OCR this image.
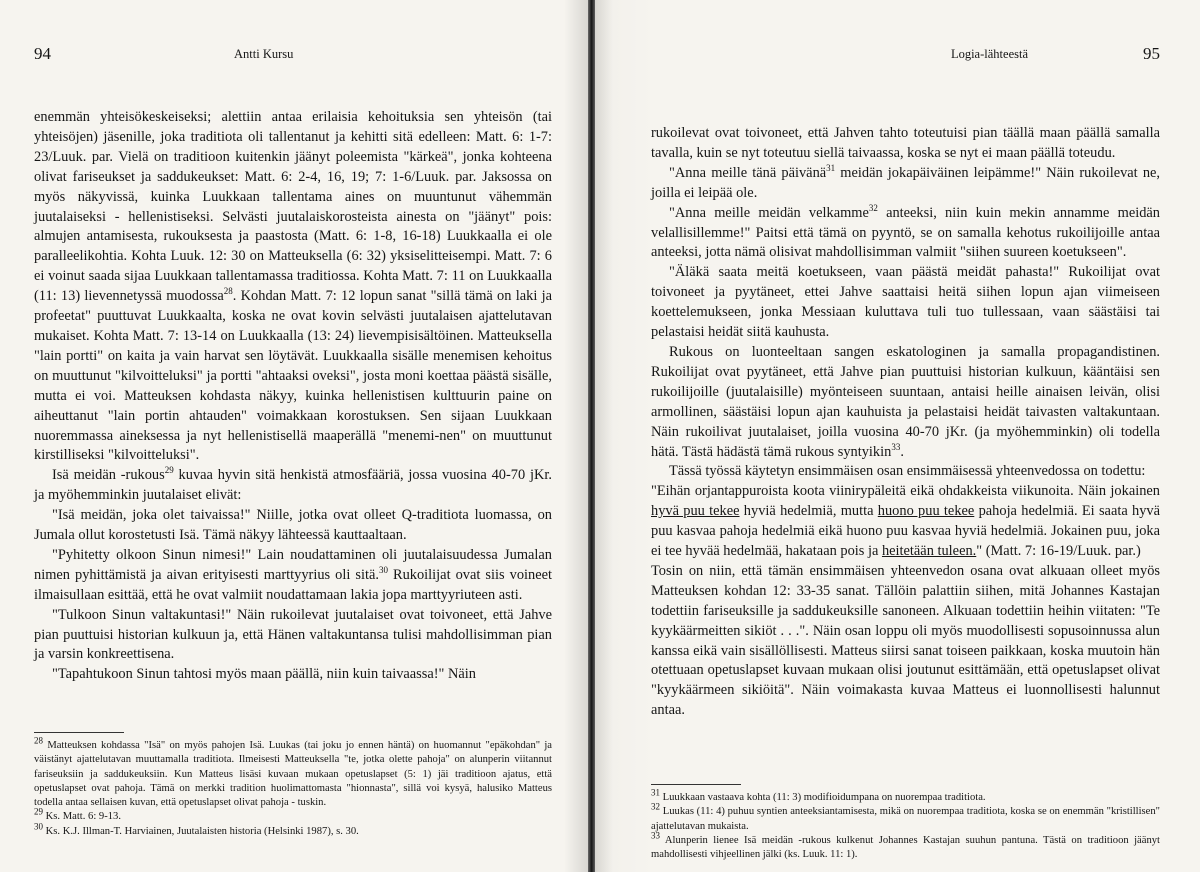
94	Antti Kursu

enemmän yhteisökeskeiseksi; alettiin antaa erilaisia kehoituksia sen yhteisön (tai yhteisöjen) jäsenille, joka traditiota oli tallentanut ja kehitti sitä edelleen: Matt. 6: 1-7: 23/Luuk. par. Vielä on traditioon kuitenkin jäänyt poleemista "kärkeä", jonka kohteena olivat fariseukset ja saddukeukset: Matt. 6: 2-4, 16, 19; 7: 1-6/Luuk. par. Jaksossa on myös näkyvissä, kuinka Luukkaan tallentama aines on muuntunut vähemmän juutalaiseksi - hellenistiseksi. Selvästi juutalaiskorosteista ainesta on "jäänyt" pois: almujen antamisesta, rukouksesta ja paastosta (Matt. 6: 1-8, 16-18) Luukkaalla ei ole paralleelikohtia. Kohta Luuk. 12: 30 on Matteuksella (6: 32) yksiselitteisempi. Matt. 7: 6 ei voinut saada sijaa Luukkaan tallentamassa traditiossa. Kohta Matt. 7: 11 on Luukkaalla (11: 13) lievennetyssä muodossa$^{28}$. Kohdan Matt. 7: 12 lopun sanat "sillä tämä on laki ja profeetat" puuttuvat Luukkaalta, koska ne ovat kovin selvästi juutalaisen ajattelutavan mukaiset. Kohta Matt. 7: 13-14 on Luukkaalla (13: 24) lievempisisältöinen. Matteuksella "lain portti" on kaita ja vain harvat sen löytävät. Luukkaalla sisälle menemisen kehoitus on muuttunut "kilvoitteluksi" ja portti "ahtaaksi oveksi", josta moni koettaa päästä sisälle, mutta ei voi. Matteuksen kohdasta näkyy, kuinka hellenistisen kulttuurin paine on aiheuttanut "lain portin ahtauden" voimakkaan korostuksen. Sen sijaan Luukkaan nuoremmassa aineksessa ja nyt hellenistisellä maaperällä "menemi-nen" on muuttunut kirstilliseksi "kilvoitteluksi".

Isä meidän -rukous$^{29}$ kuvaa hyvin sitä henkistä atmosfääriä, jossa vuosina 40-70 jKr. ja myöhemminkin juutalaiset elivät:

"Isä meidän, joka olet taivaissa!" Niille, jotka ovat olleet Q-traditiota luomassa, on Jumala ollut korostetusti Isä. Tämä näkyy lähteessä kauttaaltaan.

"Pyhitetty olkoon Sinun nimesi!" Lain noudattaminen oli juutalaisuudessa Jumalan nimen pyhittämistä ja aivan erityisesti marttyyrius oli sitä.$^{30}$ Rukoilijat ovat siis voineet ilmaisullaan esittää, että he ovat valmiit noudattamaan lakia jopa marttyyriuteen asti.

"Tulkoon Sinun valtakuntasi!" Näin rukoilevat juutalaiset ovat toivoneet, että Jahve pian puuttuisi historian kulkuun ja, että Hänen valtakuntansa tulisi mahdollisimman pian ja varsin konkreettisena.

"Tapahtukoon Sinun tahtosi myös maan päällä, niin kuin taivaassa!" Näin

$^{28}$ Matteuksen kohdassa "Isä" on myös pahojen Isä. Luukas (tai joku jo ennen häntä) on huomannut "epäkohdan" ja väistänyt ajattelutavan muuttamalla traditiota. Ilmeisesti Matteuksella "te, jotka olette pahoja" on alunperin viitannut fariseuksiin ja saddukeuksiin. Kun Matteus lisäsi kuvaan mukaan opetuslapset (5: 1) jäi traditioon ajatus, että opetuslapset ovat pahoja. Tämä on merkki tradition huolimattomasta "hionnasta", sillä voi kysyä, halusiko Matteus todella antaa sellaisen kuvan, että opetuslapset olivat pahoja - tuskin.

$^{29}$ Ks. Matt. 6: 9-13.

$^{30}$ Ks. K.J. Illman-T. Harviainen, Juutalaisten historia (Helsinki 1987), s. 30.

Logia-lähteestä	95

rukoilevat ovat toivoneet, että Jahven tahto toteutuisi pian täällä maan päällä samalla tavalla, kuin se nyt toteutuu siellä taivaassa, koska se nyt ei maan päällä toteudu.

"Anna meille tänä päivänä$^{31}$ meidän jokapäiväinen leipämme!" Näin rukoilevat ne, joilla ei leipää ole.

"Anna meille meidän velkamme$^{32}$ anteeksi, niin kuin mekin annamme meidän velallisillemme!" Paitsi että tämä on pyyntö, se on samalla kehotus rukoilijoille antaa anteeksi, jotta nämä olisivat mahdollisimman valmiit "siihen suureen koetukseen".

"Äläkä saata meitä koetukseen, vaan päästä meidät pahasta!" Rukoilijat ovat toivoneet ja pyytäneet, ettei Jahve saattaisi heitä siihen lopun ajan viimeiseen koettelemukseen, jonka Messiaan kuluttava tuli tuo tullessaan, vaan säästäisi tai pelastaisi heidät siitä kauhusta.

Rukous on luonteeltaan sangen eskatologinen ja samalla propagandistinen. Rukoilijat ovat pyytäneet, että Jahve pian puuttuisi historian kulkuun, kääntäisi sen rukoilijoille (juutalaisille) myönteiseen suuntaan, antaisi heille ainaisen leivän, olisi armollinen, säästäisi lopun ajan kauhuista ja pelastaisi heidät taivasten valtakuntaan. Näin rukoilivat juutalaiset, joilla vuosina 40-70 jKr. (ja myöhemminkin) oli todella hätä. Tästä hädästä tämä rukous syntyikin$^{33}$.

Tässä työssä käytetyn ensimmäisen osan ensimmäisessä yhteenvedossa on todettu:

"Eihän orjantappuroista koota viinirypäleitä eikä ohdakkeista viikunoita. Näin jokainen hyvä puu tekee hyviä hedelmiä, mutta huono puu tekee pahoja hedelmiä. Ei saata hyvä puu kasvaa pahoja hedelmiä eikä huono puu kasvaa hyviä hedelmiä. Jokainen puu, joka ei tee hyvää hedelmää, hakataan pois ja heitetään tuleen." (Matt. 7: 16-19/Luuk. par.)

Tosin on niin, että tämän ensimmäisen yhteenvedon osana ovat alkuaan olleet myös Matteuksen kohdan 12: 33-35 sanat. Tällöin palattiin siihen, mitä Johannes Kastajan todettiin fariseuksille ja saddukeuksille sanoneen. Alkuaan todettiin heihin viitaten: "Te kyykäärmeitten sikiöt . . .". Näin osan loppu oli myös muodollisesti sopusoinnussa alun kanssa eikä vain sisällöllisesti. Matteus siirsi sanat toiseen paikkaan, koska muutoin hän otettuaan opetuslapset kuvaan mukaan olisi joutunut esittämään, että opetuslapset olivat "kyykäärmeen sikiöitä". Näin voimakasta kuvaa Matteus ei luonnollisesti halunnut antaa.

$^{31}$ Luukkaan vastaava kohta (11: 3) modifioidumpana on nuorempaa traditiota.

$^{32}$ Luukas (11: 4) puhuu syntien anteeksiantamisesta, mikä on nuorempaa traditiota, koska se on enemmän "kristillisen" ajattelutavan mukaista.

$^{33}$ Alunperin lienee Isä meidän -rukous kulkenut Johannes Kastajan suuhun pantuna. Tästä on traditioon jäänyt mahdollisesti vihjeellinen jälki (ks. Luuk. 11: 1).
